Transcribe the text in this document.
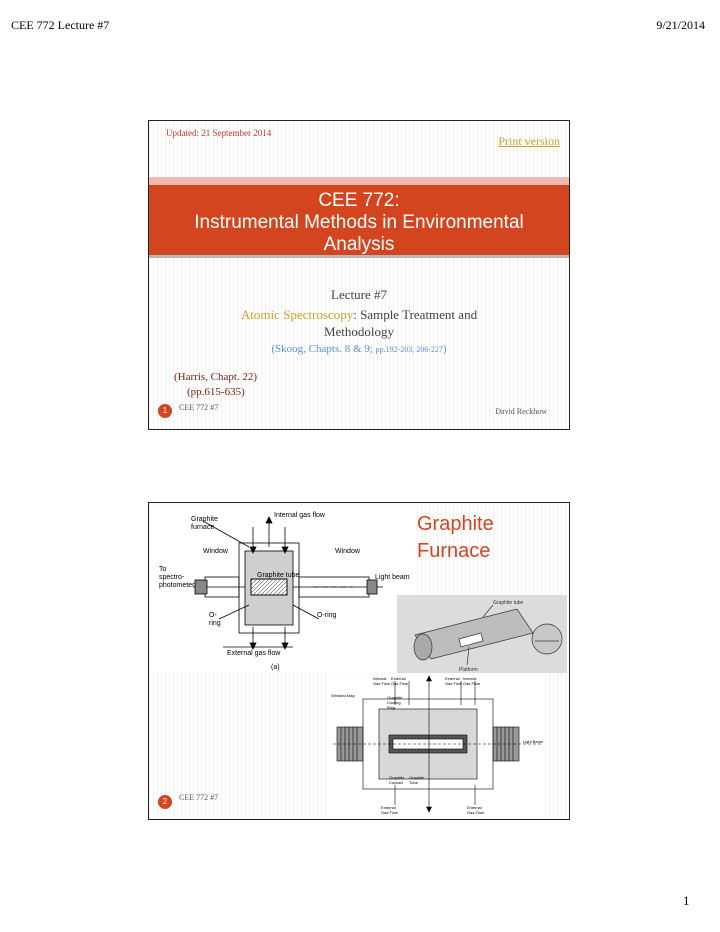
CEE 772 Lecture #7	9/21/2014
Updated: 21 September 2014
Print version
CEE 772:
Instrumental Methods in Environmental
Analysis
Lecture #7
Atomic Spectroscopy: Sample Treatment and
Methodology
(Skoog, Chapts. 8 & 9; pp.192-203, 206-227)
(Harris, Chapt. 22)
(pp.615-635)
1	CEE 772 #7	David Reckhow
Graphite
Furnace
Internal gas flow
Graphite
furnace
Window	Window
To
spectro-
photometer
Graphite tube	Light beam
O-
ring
O-ring
External gas flow
(a)
Graphite tube
Platform
Internal
Gas Flow
External
Gas Flow
External
Gas Flow
Internal
Gas Flow
Window Assy	Graphite
Cooling
Ring
Light Beam
Graphite
Contact
Graphite
Tube
External
Gas Flow
External
Gas Flow
2	CEE 772 #7
1
